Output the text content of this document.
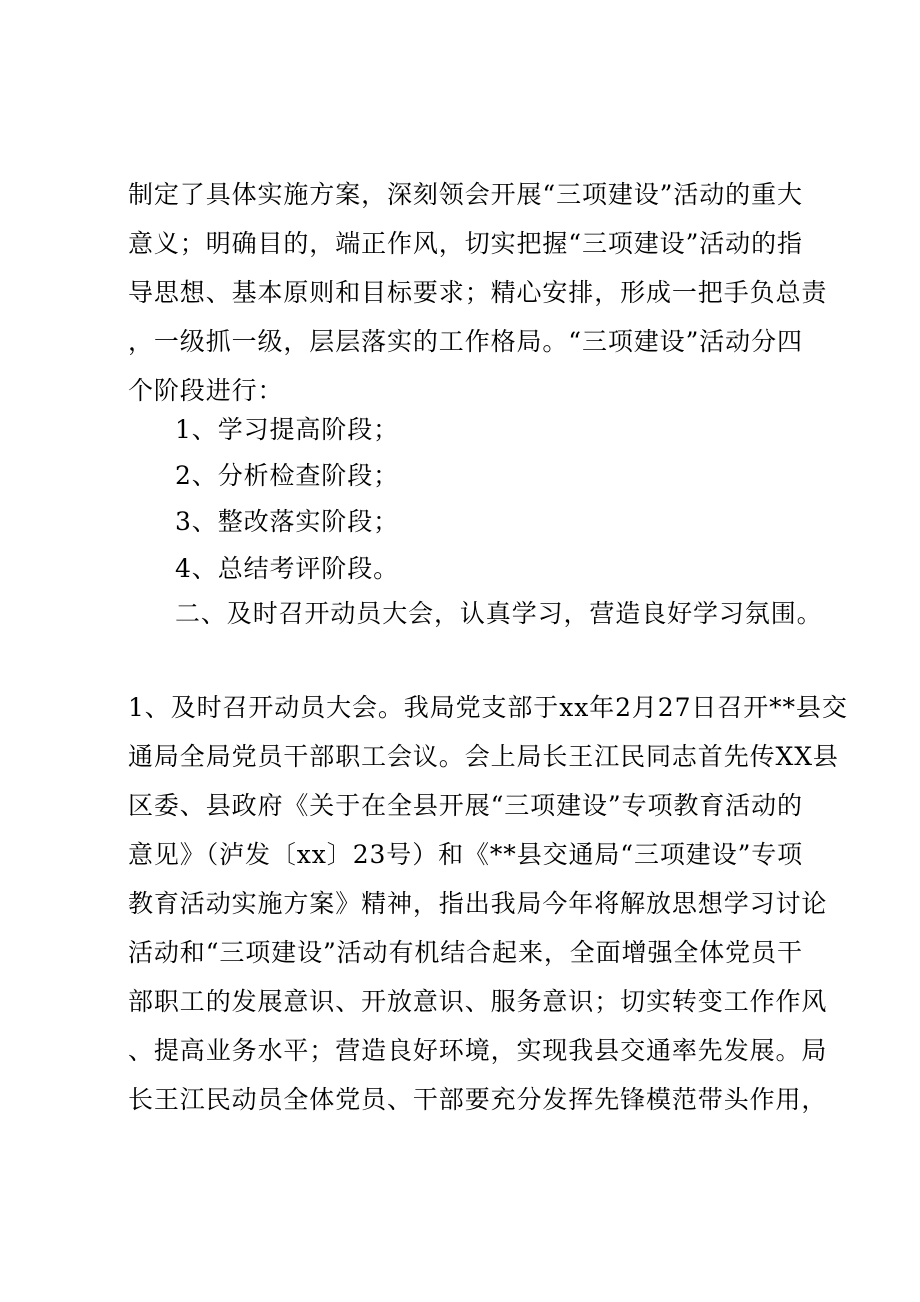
制定了具体实施方案，深刻领会开展“三项建设”活动的重大
意义；明确目的，端正作风，切实把握“三项建设”活动的指
导思想、基本原则和目标要求；精心安排，形成一把手负总责
，一级抓一级，层层落实的工作格局。“三项建设”活动分四
个阶段进行：
1、学习提高阶段；
2、分析检查阶段；
3、整改落实阶段；
4、总结考评阶段。
二、及时召开动员大会，认真学习，营造良好学习氛围。
1、及时召开动员大会。我局党支部于xx年2月27日召开**县交
通局全局党员干部职工会议。会上局长王江民同志首先传XX县
区委、县政府《关于在全县开展“三项建设”专项教育活动的
意见》（泸发〔xx〕23号）和《**县交通局“三项建设”专项
教育活动实施方案》精神，指出我局今年将解放思想学习讨论
活动和“三项建设”活动有机结合起来，全面增强全体党员干
部职工的发展意识、开放意识、服务意识；切实转变工作作风
、提高业务水平；营造良好环境，实现我县交通率先发展。局
长王江民动员全体党员、干部要充分发挥先锋模范带头作用，
